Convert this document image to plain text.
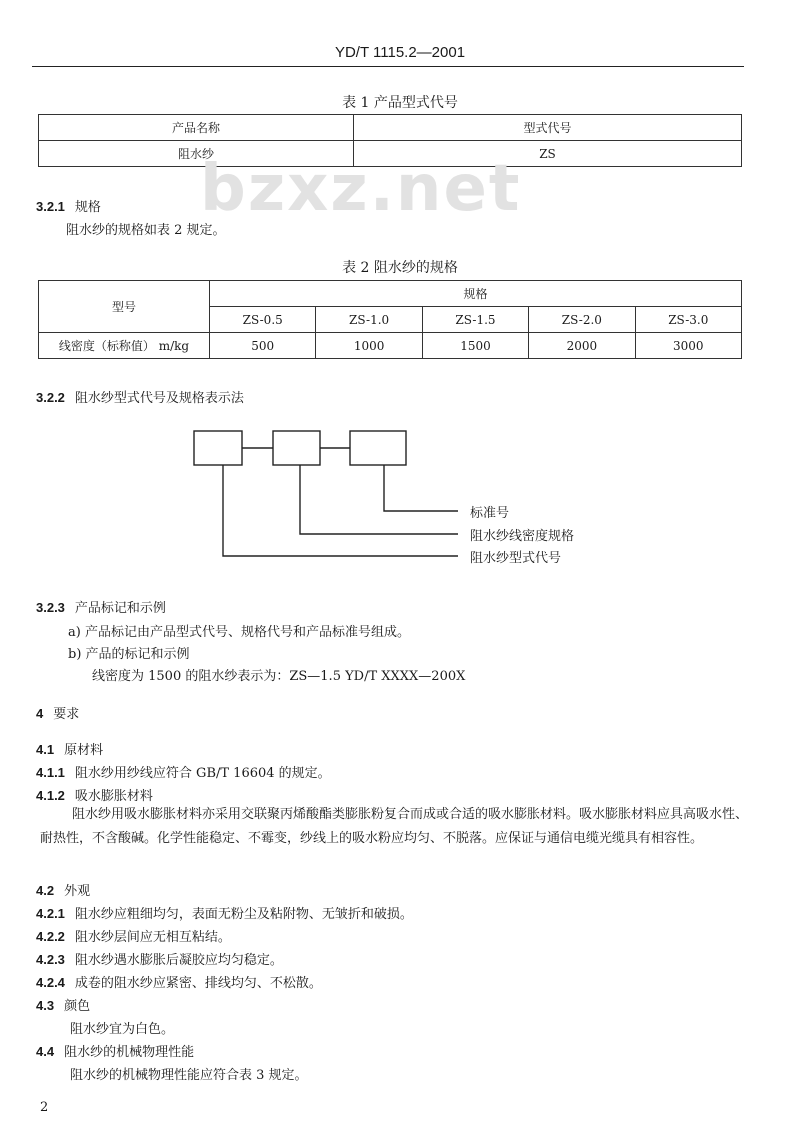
YD/T 1115.2—2001
表 1 产品型式代号
产品名称	型式代号
阻水纱	ZS
bzxz.net
3.2.1 规格
阻水纱的规格如表 2 规定。
表 2 阻水纱的规格
型号	规格				
	ZS-0.5	ZS-1.0	ZS-1.5	ZS-2.0	ZS-3.0
线密度（标称值） m/kg	500	1000	1500	2000	3000
3.2.2 阻水纱型式代号及规格表示法
标准号
阻水纱线密度规格
阻水纱型式代号
3.2.3 产品标记和示例
a) 产品标记由产品型式代号、规格代号和产品标准号组成。
b) 产品的标记和示例
线密度为 1500 的阻水纱表示为：ZS—1.5 YD/T XXXX—200X
4 要求
4.1 原材料
4.1.1 阻水纱用纱线应符合 GB/T 16604 的规定。
4.1.2 吸水膨胀材料
阻水纱用吸水膨胀材料亦采用交联聚丙烯酸酯类膨胀粉复合而成或合适的吸水膨胀材料。吸水膨胀材料应具高吸水性、耐热性，不含酸碱。化学性能稳定、不霉变，纱线上的吸水粉应均匀、不脱落。应保证与通信电缆光缆具有相容性。
4.2 外观
4.2.1 阻水纱应粗细均匀，表面无粉尘及粘附物、无皱折和破损。
4.2.2 阻水纱层间应无相互粘结。
4.2.3 阻水纱遇水膨胀后凝胶应均匀稳定。
4.2.4 成卷的阻水纱应紧密、排线均匀、不松散。
4.3 颜色
阻水纱宜为白色。
4.4 阻水纱的机械物理性能
阻水纱的机械物理性能应符合表 3 规定。
2
